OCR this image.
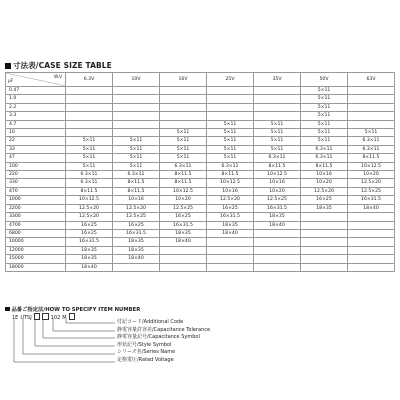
寸法表/CASE SIZE TABLE
W.V
μF	6.3V	10V	16V	25V	35V	50V	63V
0.47						5×11	
1.0						5×11	
2.2						5×11	
3.3						5×11	
4.7				5×11	5×11	5×11	
10			5×11	5×11	5×11	5×11	5×11
22	5×11	5×11	5×11	5×11	5×11	5×11	6.3×11
33	5×11	5×11	5×11	5×11	5×11	6.3×11	6.3×11
47	5×11	5×11	5×11	5×11	6.3×11	6.3×11	8×11.5
100	5×11	5×11	6.3×11	6.3×11	8×11.5	8×11.5	10×12.5
220	6.3×11	6.3×11	8×11.5	8×11.5	10×12.5	10×16	10×20
330	6.3×11	8×11.5	8×11.5	10×12.5	10×16	10×20	12.5×20
470	8×11.5	8×11.5	10×12.5	10×16	10×20	12.5×20	12.5×25
1000	10×12.5	10×16	10×20	12.5×20	12.5×25	16×25	16×31.5
2200	12.5×20	12.5×20	12.5×25	16×25	16×31.5	18×35	18×40
3300	12.5×20	12.5×25	16×25	16×31.5	18×35		
4700	16×25	16×25	16×31.5	18×35	18×40		
6800	16×25	16×31.5	18×35	18×40			
10000	16×31.5	18×35	18×40				
12000	18×35	18×35					
15000	18×35	18×40					
18000	18×40						
品番ご指定法/HOW TO SPECIFY ITEM NUMBER
1E UTSJ	102 M
付記コード/Additional Code
静電容量許容差/Capacitance Tolerance
静電容量記号/Capacitance Symbol
形状記号/Style Symbol
シリーズ名/Series Name
定格電圧/Rated Voltage
